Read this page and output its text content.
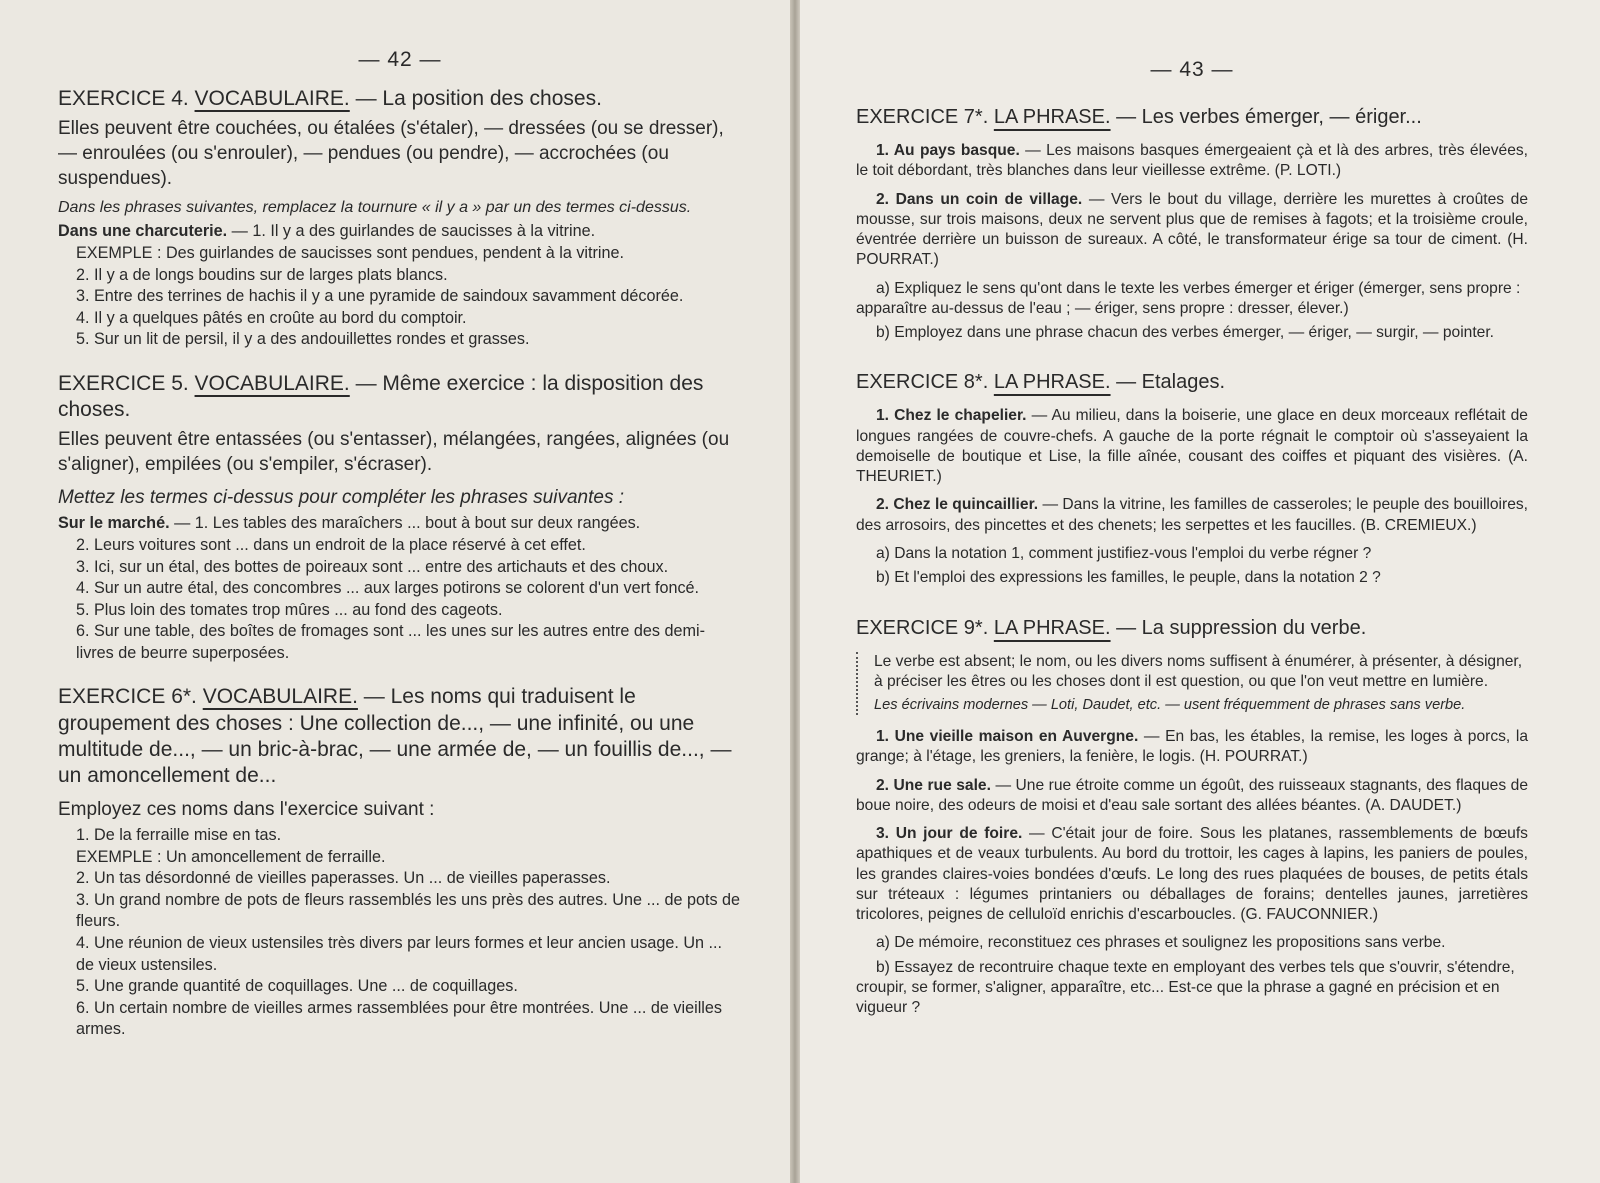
— 42 —
EXERCICE 4. VOCABULAIRE. — La position des choses.

Elles peuvent être couchées, ou étalées (s'étaler), — dressées (ou se dresser), — enroulées (ou s'enrouler), — pendues (ou pendre), — accrochées (ou suspendues).

Dans les phrases suivantes, remplacez la tournure « il y a » par un des termes ci-dessus.

Dans une charcuterie. — 1. Il y a des guirlandes de saucisses à la vitrine.

EXEMPLE : Des guirlandes de saucisses sont pendues, pendent à la vitrine.

2. Il y a de longs boudins sur de larges plats blancs.

3. Entre des terrines de hachis il y a une pyramide de saindoux savamment décorée.

4. Il y a quelques pâtés en croûte au bord du comptoir.

5. Sur un lit de persil, il y a des andouillettes rondes et grasses.

EXERCICE 5. VOCABULAIRE. — Même exercice : la disposition des choses.

Elles peuvent être entassées (ou s'entasser), mélangées, rangées, alignées (ou s'aligner), empilées (ou s'empiler, s'écraser).

Mettez les termes ci-dessus pour compléter les phrases suivantes :

Sur le marché. — 1. Les tables des maraîchers ... bout à bout sur deux rangées.

2. Leurs voitures sont ... dans un endroit de la place réservé à cet effet.

3. Ici, sur un étal, des bottes de poireaux sont ... entre des artichauts et des choux.

4. Sur un autre étal, des concombres ... aux larges potirons se colorent d'un vert foncé.

5. Plus loin des tomates trop mûres ... au fond des cageots.

6. Sur une table, des boîtes de fromages sont ... les unes sur les autres entre des demi-livres de beurre superposées.

EXERCICE 6*. VOCABULAIRE. — Les noms qui traduisent le groupement des choses : Une collection de..., — une infinité, ou une multitude de..., — un bric-à-brac, — une armée de, — un fouillis de..., — un amoncellement de...

Employez ces noms dans l'exercice suivant :

1. De la ferraille mise en tas.

EXEMPLE : Un amoncellement de ferraille.

2. Un tas désordonné de vieilles paperasses. Un ... de vieilles paperasses.

3. Un grand nombre de pots de fleurs rassemblés les uns près des autres. Une ... de pots de fleurs.

4. Une réunion de vieux ustensiles très divers par leurs formes et leur ancien usage. Un ... de vieux ustensiles.

5. Une grande quantité de coquillages. Une ... de coquillages.

6. Un certain nombre de vieilles armes rassemblées pour être montrées. Une ... de vieilles armes.

— 43 —
EXERCICE 7*. LA PHRASE. — Les verbes émerger, — ériger...

1. Au pays basque. — Les maisons basques émergeaient çà et là des arbres, très élevées, le toit débordant, très blanches dans leur vieillesse extrême. (P. LOTI.)

2. Dans un coin de village. — Vers le bout du village, derrière les murettes à croûtes de mousse, sur trois maisons, deux ne servent plus que de remises à fagots; et la troisième croule, éventrée derrière un buisson de sureaux. A côté, le transformateur érige sa tour de ciment. (H. POURRAT.)

a) Expliquez le sens qu'ont dans le texte les verbes émerger et ériger (émerger, sens propre : apparaître au-dessus de l'eau ; — ériger, sens propre : dresser, élever.)

b) Employez dans une phrase chacun des verbes émerger, — ériger, — surgir, — pointer.

EXERCICE 8*. LA PHRASE. — Etalages.

1. Chez le chapelier. — Au milieu, dans la boiserie, une glace en deux morceaux reflétait de longues rangées de couvre-chefs. A gauche de la porte régnait le comptoir où s'asseyaient la demoiselle de boutique et Lise, la fille aînée, cousant des coiffes et piquant des visières. (A. THEURIET.)

2. Chez le quincaillier. — Dans la vitrine, les familles de casseroles; le peuple des bouilloires, des arrosoirs, des pincettes et des chenets; les serpettes et les faucilles. (B. CREMIEUX.)

a) Dans la notation 1, comment justifiez-vous l'emploi du verbe régner ?

b) Et l'emploi des expressions les familles, le peuple, dans la notation 2 ?

EXERCICE 9*. LA PHRASE. — La suppression du verbe.

Le verbe est absent; le nom, ou les divers noms suffisent à énumérer, à présenter, à désigner, à préciser les êtres ou les choses dont il est question, ou que l'on veut mettre en lumière.

Les écrivains modernes — Loti, Daudet, etc. — usent fréquemment de phrases sans verbe.

1. Une vieille maison en Auvergne. — En bas, les étables, la remise, les loges à porcs, la grange; à l'étage, les greniers, la fenière, le logis. (H. POURRAT.)

2. Une rue sale. — Une rue étroite comme un égoût, des ruisseaux stagnants, des flaques de boue noire, des odeurs de moisi et d'eau sale sortant des allées béantes. (A. DAUDET.)

3. Un jour de foire. — C'était jour de foire. Sous les platanes, rassemblements de bœufs apathiques et de veaux turbulents. Au bord du trottoir, les cages à lapins, les paniers de poules, les grandes claires-voies bondées d'œufs. Le long des rues plaquées de bouses, de petits étals sur tréteaux : légumes printaniers ou déballages de forains; dentelles jaunes, jarretières tricolores, peignes de celluloïd enrichis d'escarboucles. (G. FAUCONNIER.)

a) De mémoire, reconstituez ces phrases et soulignez les propositions sans verbe.

b) Essayez de recontruire chaque texte en employant des verbes tels que s'ouvrir, s'étendre, croupir, se former, s'aligner, apparaître, etc... Est-ce que la phrase a gagné en précision et en vigueur ?
